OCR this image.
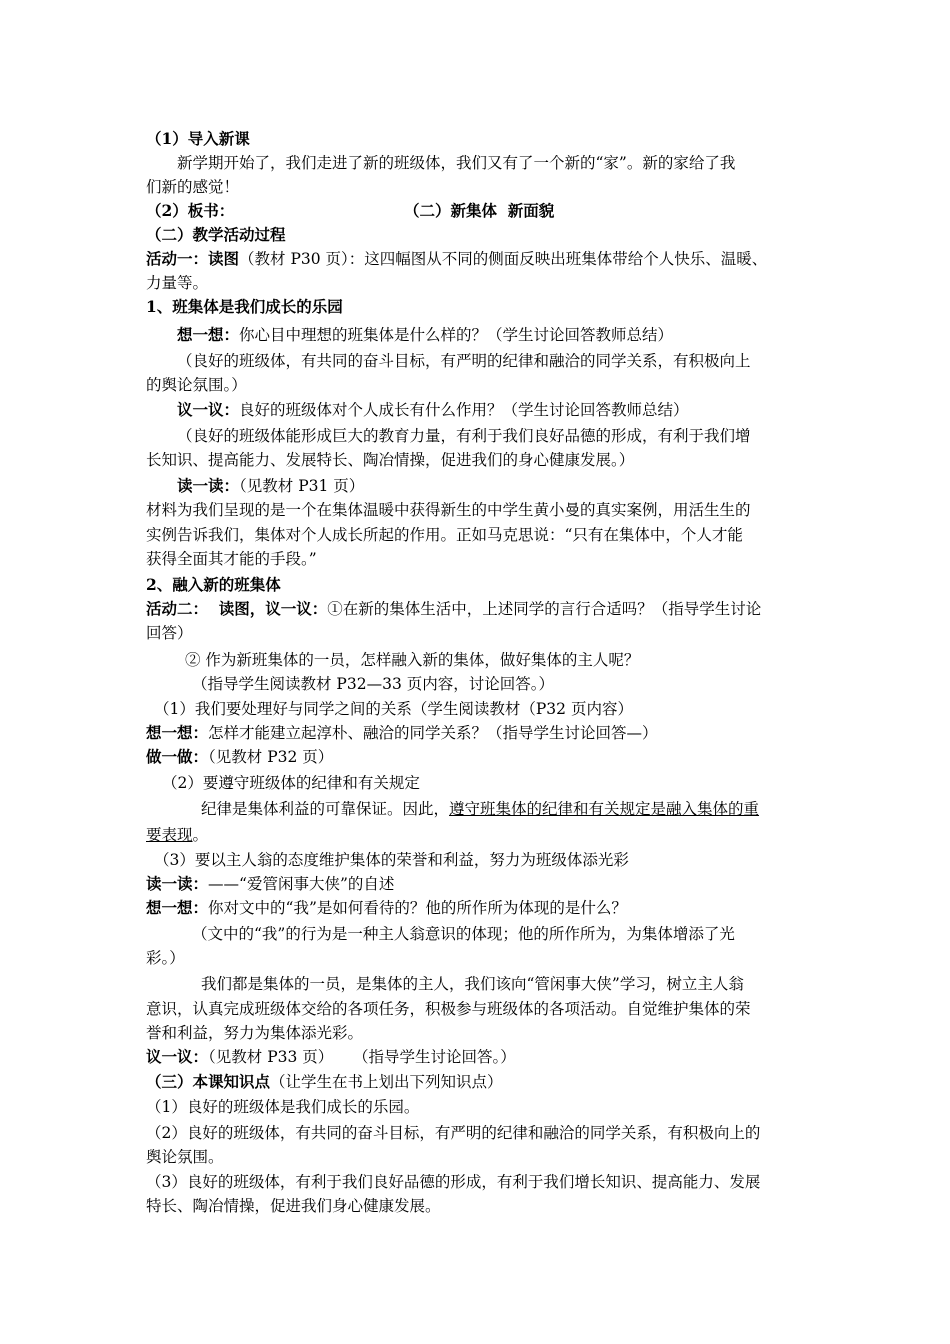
（1）导入新课
新学期开始了，我们走进了新的班级体，我们又有了一个新的“家”。新的家给了我
们新的感觉！
（2）板书：	（二）新集体  新面貌
（二）教学活动过程
活动一：读图（教材 P30 页）：这四幅图从不同的侧面反映出班集体带给个人快乐、温暖、
力量等。
1、班集体是我们成长的乐园
想一想：你心目中理想的班集体是什么样的？（学生讨论回答教师总结）
（良好的班级体，有共同的奋斗目标，有严明的纪律和融洽的同学关系，有积极向上
的舆论氛围。）
议一议：良好的班级体对个人成长有什么作用？（学生讨论回答教师总结）
（良好的班级体能形成巨大的教育力量，有利于我们良好品德的形成，有利于我们增
长知识、提高能力、发展特长、陶冶情操，促进我们的身心健康发展。）
读一读：（见教材 P31 页）
材料为我们呈现的是一个在集体温暖中获得新生的中学生黄小曼的真实案例，用活生生的
实例告诉我们，集体对个人成长所起的作用。正如马克思说：“只有在集体中，个人才能
获得全面其才能的手段。”
2、融入新的班集体
活动二：  读图，议一议：①在新的集体生活中，上述同学的言行合适吗？（指导学生讨论
回答）
② 作为新班集体的一员，怎样融入新的集体，做好集体的主人呢？
（指导学生阅读教材 P32—33 页内容，讨论回答。）
（1）我们要处理好与同学之间的关系（学生阅读教材（P32 页内容）
想一想：怎样才能建立起淳朴、融洽的同学关系？（指导学生讨论回答—）
做一做：（见教材 P32 页）
（2）要遵守班级体的纪律和有关规定
纪律是集体利益的可靠保证。因此，遵守班集体的纪律和有关规定是融入集体的重
要表现。
（3）要以主人翁的态度维护集体的荣誉和利益，努力为班级体添光彩
读一读：——“爱管闲事大侠”的自述
想一想：你对文中的“我”是如何看待的？他的所作所为体现的是什么？
（文中的“我”的行为是一种主人翁意识的体现；他的所作所为，为集体增添了光
彩。）
我们都是集体的一员，是集体的主人，我们该向“管闲事大侠”学习，树立主人翁
意识，认真完成班级体交给的各项任务，积极参与班级体的各项活动。自觉维护集体的荣
誉和利益，努力为集体添光彩。
议一议：（见教材 P33 页）    （指导学生讨论回答。）
（三）本课知识点（让学生在书上划出下列知识点）
（1）良好的班级体是我们成长的乐园。
（2）良好的班级体，有共同的奋斗目标，有严明的纪律和融洽的同学关系，有积极向上的
舆论氛围。
（3）良好的班级体，有利于我们良好品德的形成，有利于我们增长知识、提高能力、发展
特长、陶冶情操，促进我们身心健康发展。
